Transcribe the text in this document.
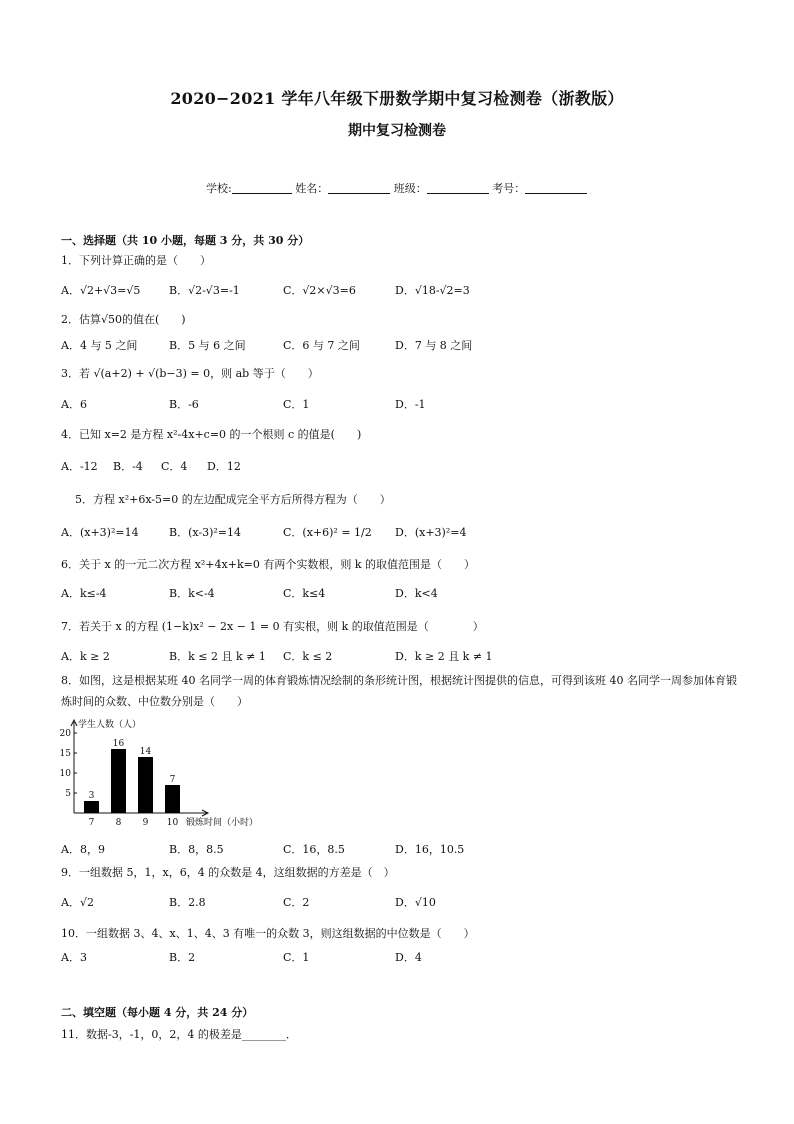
2020−2021 学年八年级下册数学期中复习检测卷（浙教版）
期中复习检测卷
学校:	姓名：	班级：	考号：
一、选择题（共 10 小题，每题 3 分，共 30 分）
1．下列计算正确的是（　　）
A．√2+√3=√5	B．√2-√3=-1	C．√2×√3=6	D．√18-√2=3
2．估算√50的值在(　　)
A．4 与 5 之间	B．5 与 6 之间	C．6 与 7 之间	D．7 与 8 之间
3．若 √(a+2) + √(b−3) = 0，则 ab 等于（　　）
A．6	B．-6	C．1	D．-1
4．已知 x=2 是方程 x²-4x+c=0 的一个根则 c 的值是(　　)
A．-12 B．-4 C．4 D．12
5．方程 x²+6x-5=0 的左边配成完全平方后所得方程为（　　）
A．(x+3)²=14	B．(x-3)²=14	C．(x+6)² = 1/2 D．(x+3)²=4
6．关于 x 的一元二次方程 x²+4x+k=0 有两个实数根，则 k 的取值范围是（　　）
A．k≤-4	B．k<-4	C．k≤4	D．k<4
7．若关于 x 的方程 (1−k)x² − 2x − 1 = 0 有实根，则 k 的取值范围是（　　　　）
A．k ≥ 2	B．k ≤ 2 且 k ≠ 1 C．k ≤ 2	D．k ≥ 2 且 k ≠ 1
8．如图，这是根据某班 40 名同学一周的体育锻炼情况绘制的条形统计图，根据统计图提供的信息，可得到该班 40 名同学一周参加体育锻炼时间的众数、中位数分别是（　　）
5
10
15
20
学生人数（人）
锻炼时间（小时）
3
7
16
8
14
9
7
10
A．8，9	B．8，8.5	C．16，8.5	D．16，10.5
9．一组数据 5，1，x，6，4 的众数是 4，这组数据的方差是（　）
A．√2	B．2.8	C．2	D．√10
10．一组数据 3、4、x、1、4、3 有唯一的众数 3，则这组数据的中位数是（　　）
A．3	B．2	C．1	D．4
二、填空题（每小题 4 分，共 24 分）
11．数据-3，-1，0，2，4 的极差是________．
